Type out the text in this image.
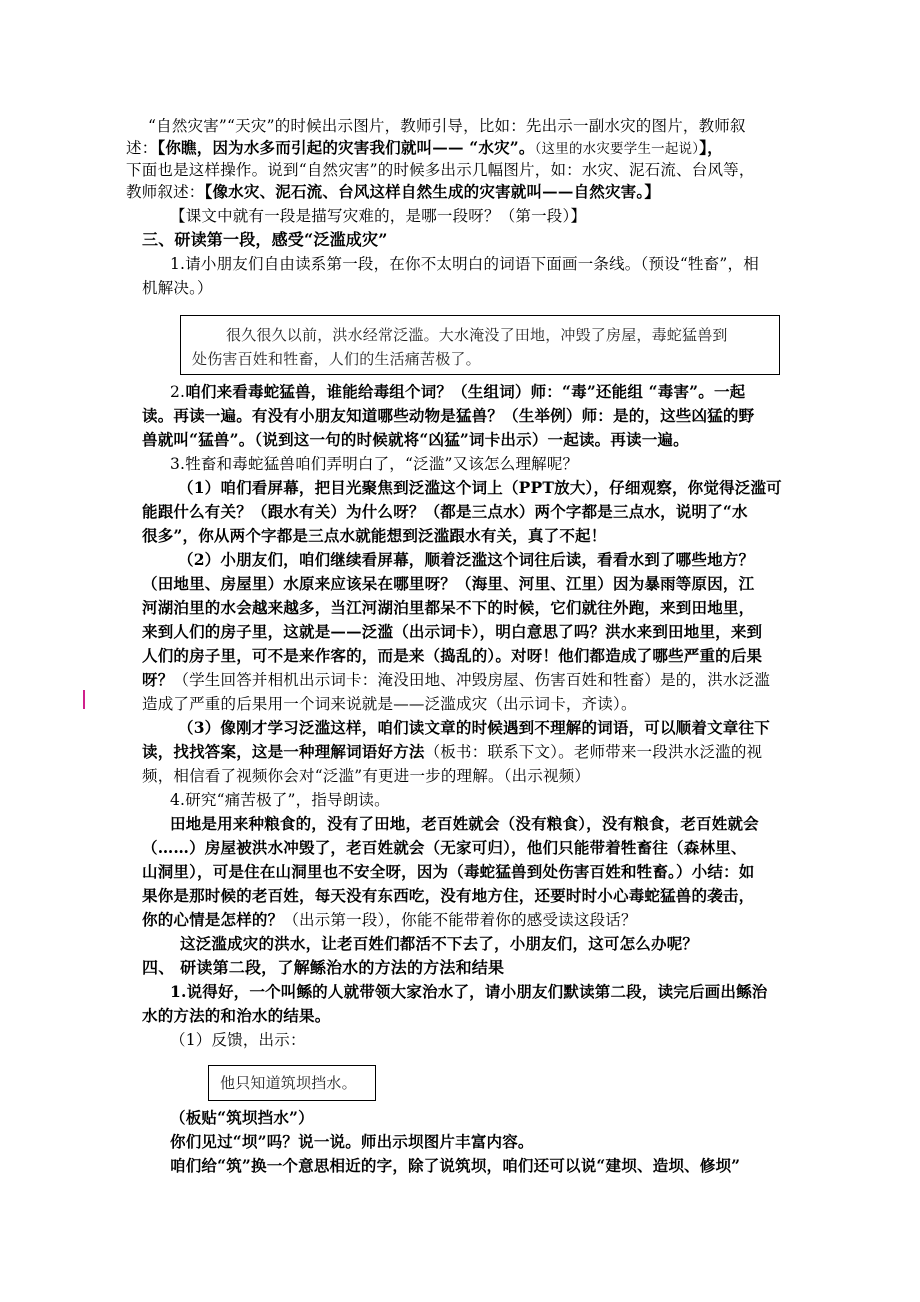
“自然灾害”“天灾”的时候出示图片，教师引导，比如：先出示一副水灾的图片，教师叙
述：【你瞧，因为水多而引起的灾害我们就叫—— “水灾”。（这里的水灾要学生一起说）】，
下面也是这样操作。说到“自然灾害”的时候多出示几幅图片，如：水灾、泥石流、台风等，
教师叙述：【像水灾、泥石流、台风这样自然生成的灾害就叫——自然灾害。】
【课文中就有一段是描写灾难的，是哪一段呀？（第一段）】
三、研读第一段，感受“泛滥成灾”
1.请小朋友们自由读系第一段，在你不太明白的词语下面画一条线。（预设“牲畜”，相
机解决。）
很久很久以前，洪水经常泛滥。大水淹没了田地，冲毁了房屋，毒蛇猛兽到
处伤害百姓和牲畜，人们的生活痛苦极了。
2.咱们来看毒蛇猛兽，谁能给毒组个词？（生组词）师：“毒”还能组 “毒害”。一起
读。再读一遍。有没有小朋友知道哪些动物是猛兽？（生举例）师：是的，这些凶猛的野
兽就叫“猛兽”。（说到这一句的时候就将“凶猛”词卡出示）一起读。再读一遍。
3.牲畜和毒蛇猛兽咱们弄明白了，“泛滥”又该怎么理解呢？
（1）咱们看屏幕，把目光聚焦到泛滥这个词上（PPT放大），仔细观察，你觉得泛滥可
能跟什么有关？（跟水有关）为什么呀？（都是三点水）两个字都是三点水，说明了“水
很多”，你从两个字都是三点水就能想到泛滥跟水有关，真了不起！
（2）小朋友们，咱们继续看屏幕，顺着泛滥这个词往后读，看看水到了哪些地方？
（田地里、房屋里）水原来应该呆在哪里呀？（海里、河里、江里）因为暴雨等原因，江
河湖泊里的水会越来越多，当江河湖泊里都呆不下的时候，它们就往外跑，来到田地里，
来到人们的房子里，这就是——泛滥（出示词卡），明白意思了吗？洪水来到田地里，来到
人们的房子里，可不是来作客的，而是来（捣乱的）。对呀！他们都造成了哪些严重的后果
呀？（学生回答并相机出示词卡：淹没田地、冲毁房屋、伤害百姓和牲畜）是的，洪水泛滥
造成了严重的后果用一个词来说就是——泛滥成灾（出示词卡，齐读）。
（3）像刚才学习泛滥这样，咱们读文章的时候遇到不理解的词语，可以顺着文章往下
读，找找答案，这是一种理解词语好方法（板书：联系下文）。老师带来一段洪水泛滥的视
频，相信看了视频你会对“泛滥”有更进一步的理解。（出示视频）
4.研究“痛苦极了”，指导朗读。
田地是用来种粮食的，没有了田地，老百姓就会（没有粮食），没有粮食，老百姓就会
（……）房屋被洪水冲毁了，老百姓就会（无家可归），他们只能带着牲畜往（森林里、
山洞里），可是住在山洞里也不安全呀，因为（毒蛇猛兽到处伤害百姓和牲畜。）小结：如
果你是那时候的老百姓，每天没有东西吃，没有地方住，还要时时小心毒蛇猛兽的袭击，
你的心情是怎样的？（出示第一段），你能不能带着你的感受读这段话？
这泛滥成灾的洪水，让老百姓们都活不下去了，小朋友们，这可怎么办呢？
四、 研读第二段，了解鲧治水的方法的方法和结果
1.说得好，一个叫鲧的人就带领大家治水了，请小朋友们默读第二段，读完后画出鲧治
水的方法的和治水的结果。
（1）反馈，出示：
他只知道筑坝挡水。
（板贴“筑坝挡水”）
你们见过“坝”吗？说一说。师出示坝图片丰富内容。
咱们给“筑”换一个意思相近的字，除了说筑坝，咱们还可以说“建坝、造坝、修坝”
